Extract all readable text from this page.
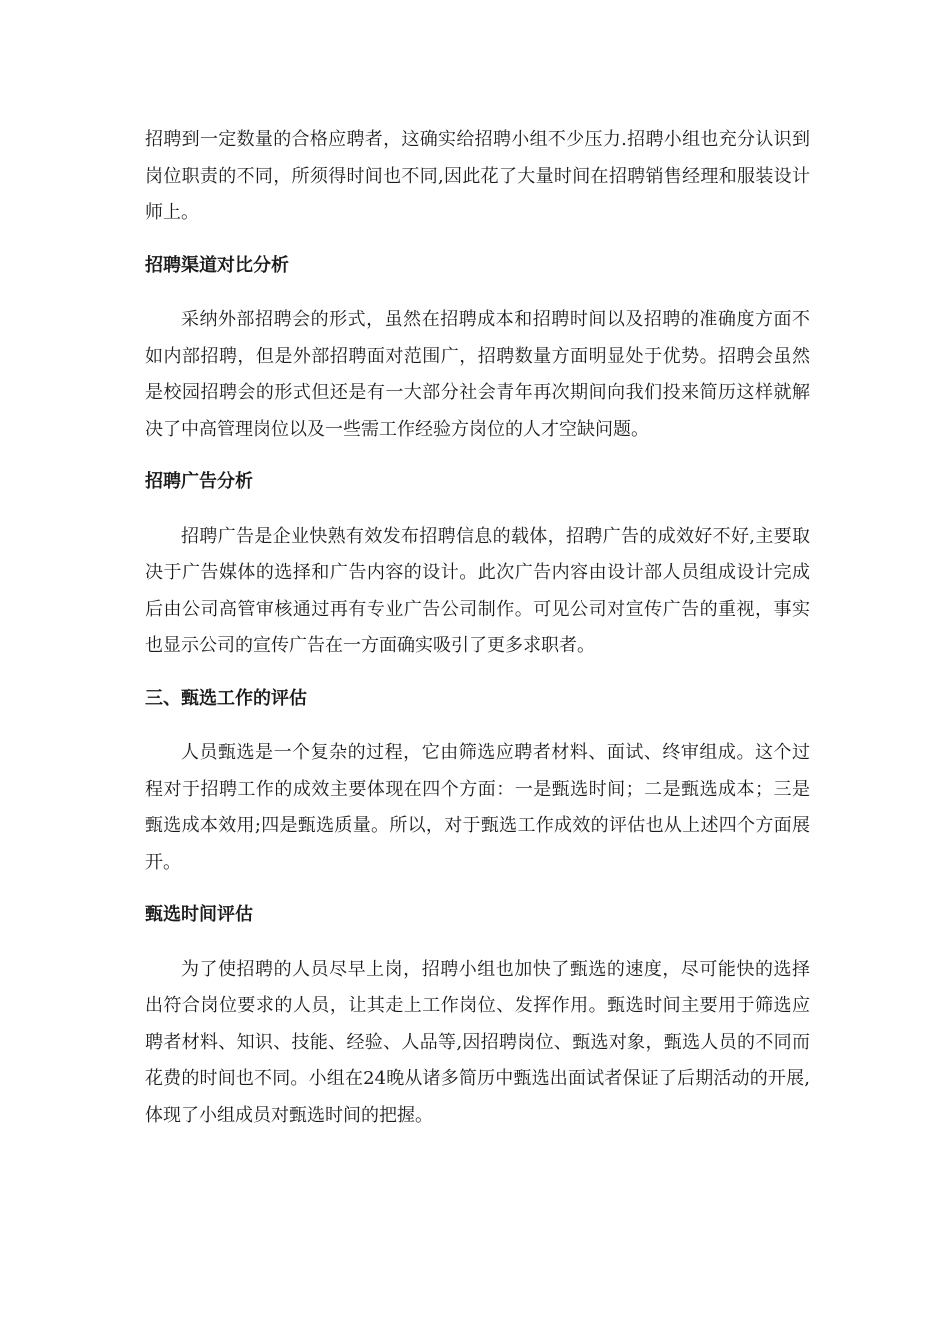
招聘到一定数量的合格应聘者，这确实给招聘小组不少压力.招聘小组也充分认识到岗位职责的不同，所须得时间也不同,因此花了大量时间在招聘销售经理和服装设计师上。

招聘渠道对比分析

采纳外部招聘会的形式，虽然在招聘成本和招聘时间以及招聘的准确度方面不如内部招聘，但是外部招聘面对范围广，招聘数量方面明显处于优势。招聘会虽然是校园招聘会的形式但还是有一大部分社会青年再次期间向我们投来简历这样就解决了中高管理岗位以及一些需工作经验方岗位的人才空缺问题。

招聘广告分析

招聘广告是企业快熟有效发布招聘信息的载体，招聘广告的成效好不好,主要取决于广告媒体的选择和广告内容的设计。此次广告内容由设计部人员组成设计完成后由公司高管审核通过再有专业广告公司制作。可见公司对宣传广告的重视，事实也显示公司的宣传广告在一方面确实吸引了更多求职者。

三、甄选工作的评估

人员甄选是一个复杂的过程，它由筛选应聘者材料、面试、终审组成。这个过程对于招聘工作的成效主要体现在四个方面：一是甄选时间；二是甄选成本；三是甄选成本效用;四是甄选质量。所以，对于甄选工作成效的评估也从上述四个方面展开。

甄选时间评估

为了使招聘的人员尽早上岗，招聘小组也加快了甄选的速度，尽可能快的选择出符合岗位要求的人员，让其走上工作岗位、发挥作用。甄选时间主要用于筛选应聘者材料、知识、技能、经验、人品等,因招聘岗位、甄选对象，甄选人员的不同而花费的时间也不同。小组在24晚从诸多简历中甄选出面试者保证了后期活动的开展,体现了小组成员对甄选时间的把握。
